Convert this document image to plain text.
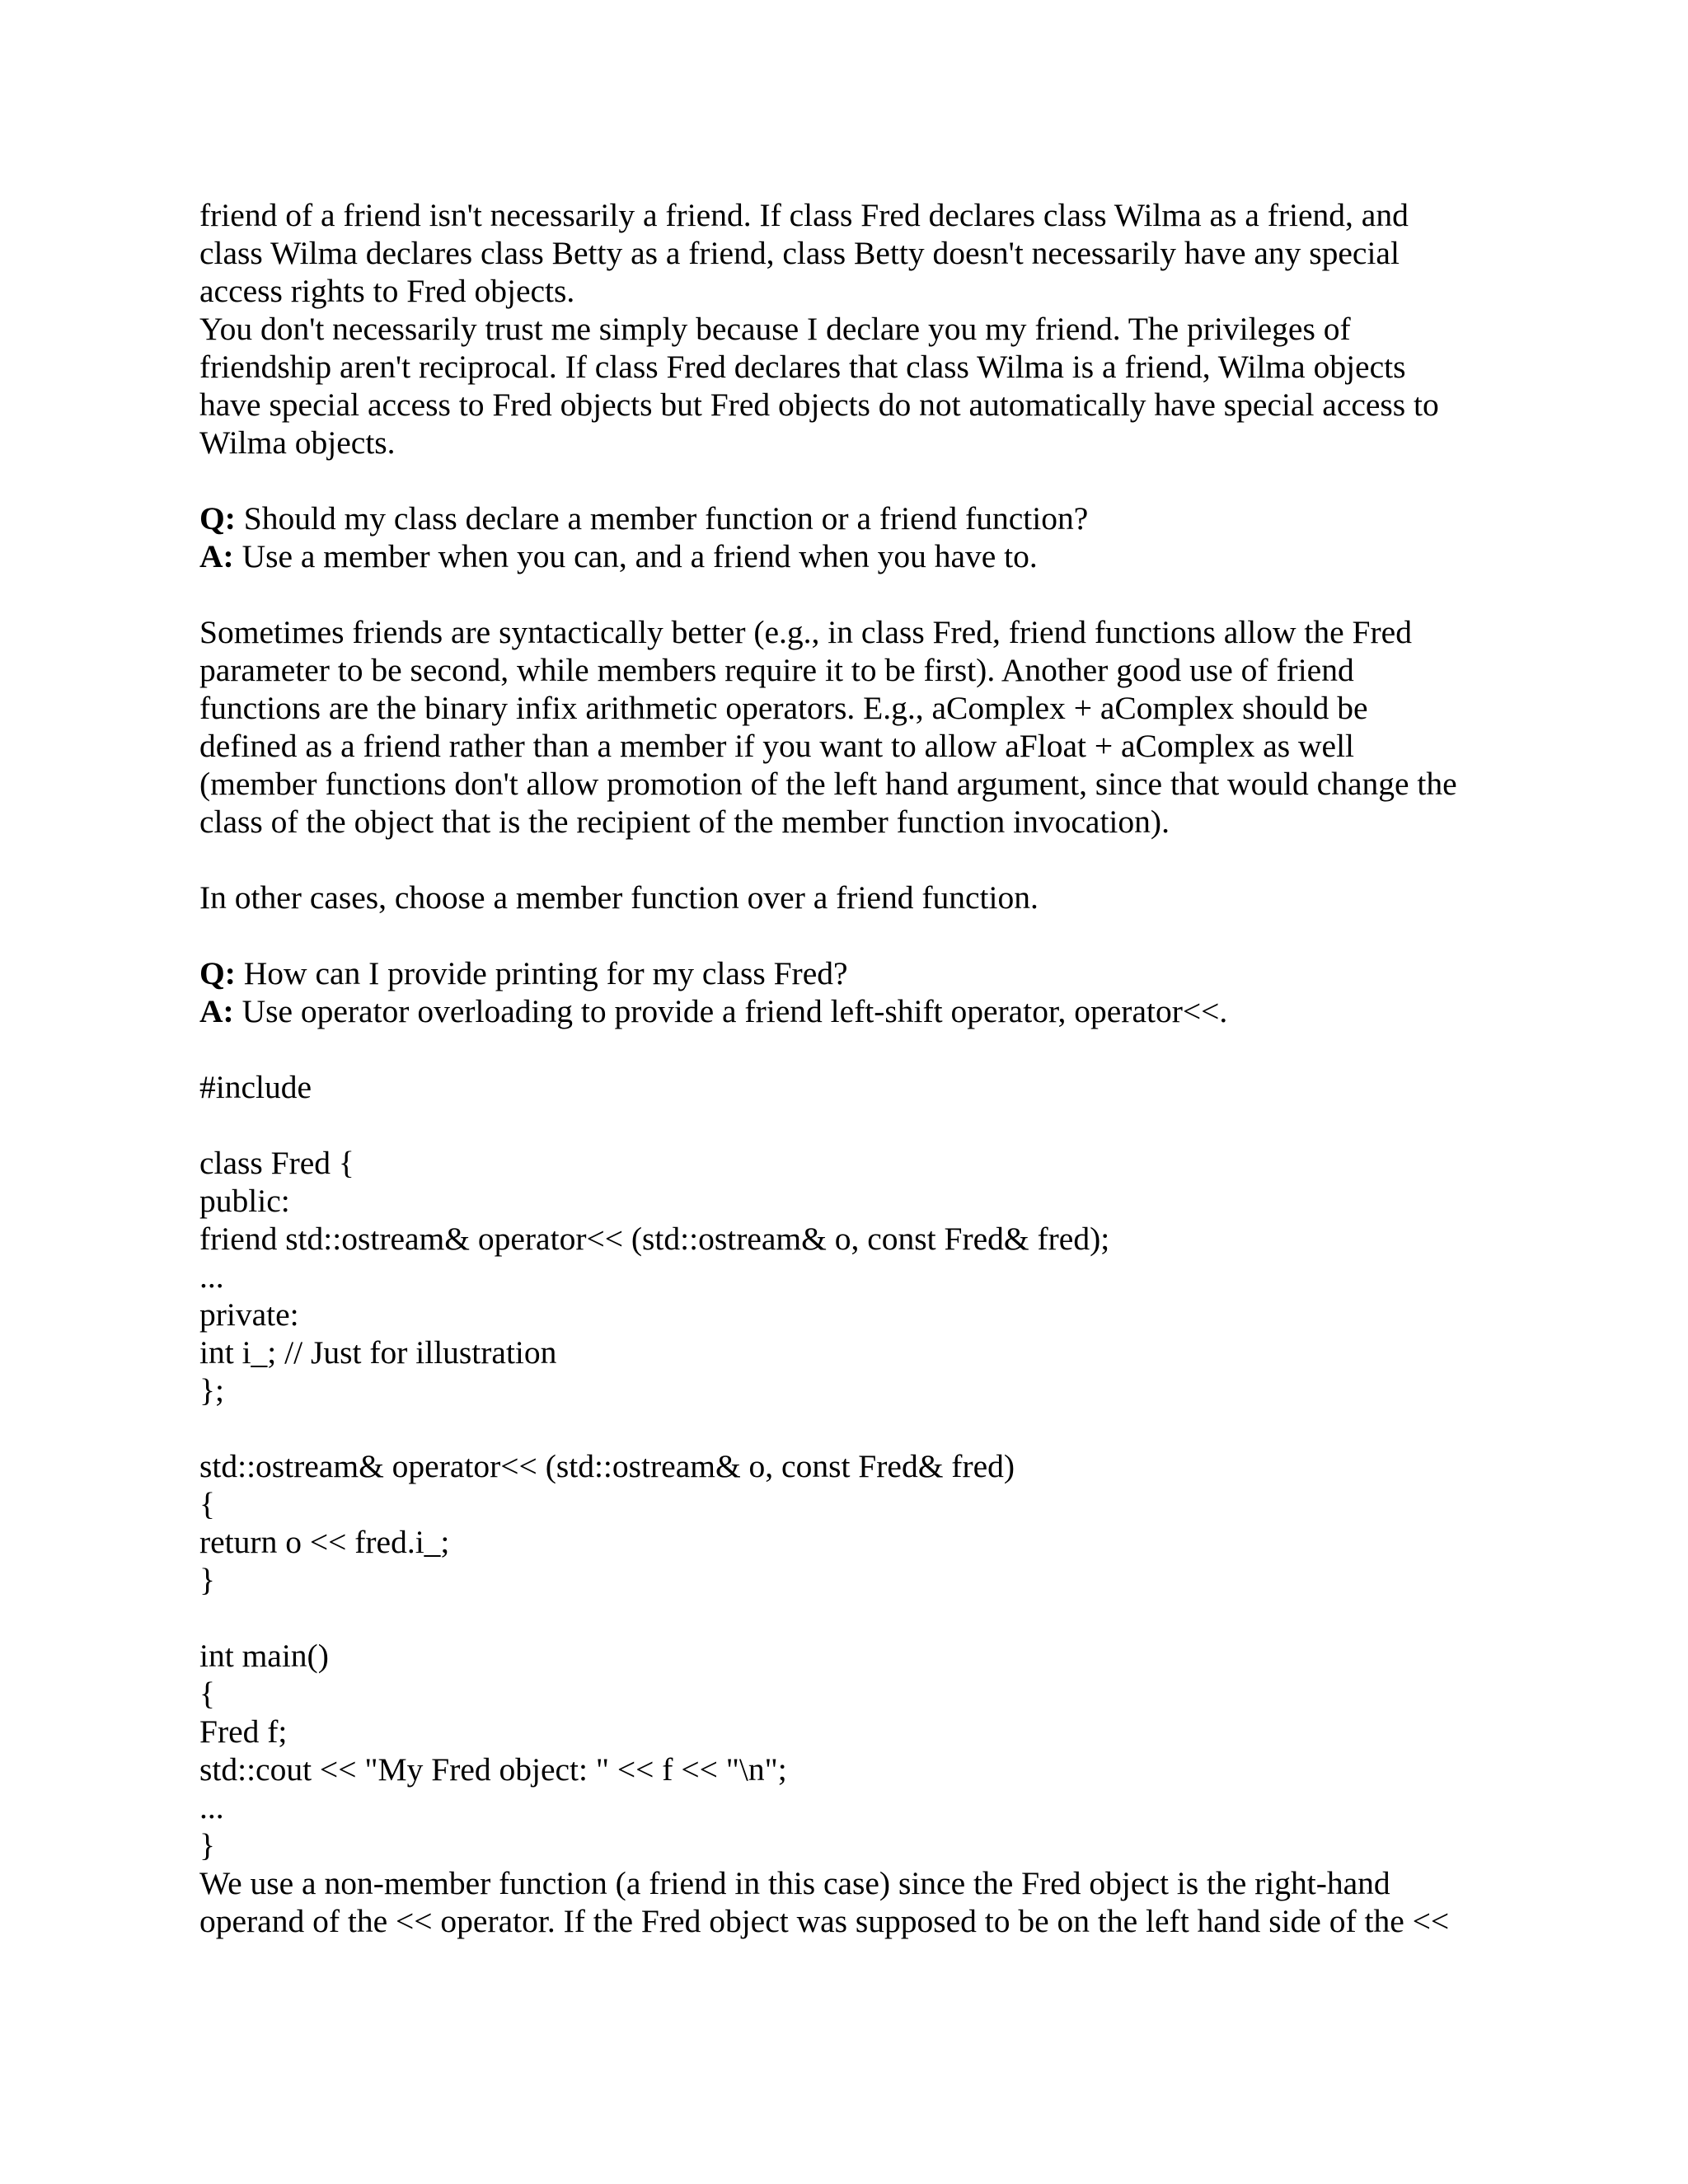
friend of a friend isn't necessarily a friend. If class Fred declares class Wilma as a friend, and
class Wilma declares class Betty as a friend, class Betty doesn't necessarily have any special
access rights to Fred objects.
You don't necessarily trust me simply because I declare you my friend. The privileges of
friendship aren't reciprocal. If class Fred declares that class Wilma is a friend, Wilma objects
have special access to Fred objects but Fred objects do not automatically have special access to
Wilma objects.
Q: Should my class declare a member function or a friend function?
A: Use a member when you can, and a friend when you have to.
Sometimes friends are syntactically better (e.g., in class Fred, friend functions allow the Fred
parameter to be second, while members require it to be first). Another good use of friend
functions are the binary infix arithmetic operators. E.g., aComplex + aComplex should be
defined as a friend rather than a member if you want to allow aFloat + aComplex as well
(member functions don't allow promotion of the left hand argument, since that would change the
class of the object that is the recipient of the member function invocation).
In other cases, choose a member function over a friend function.
Q: How can I provide printing for my class Fred?
A: Use operator overloading to provide a friend left-shift operator, operator<<.
#include
class Fred {
public:
friend std::ostream& operator<< (std::ostream& o, const Fred& fred);
...
private:
int i_; // Just for illustration
};
std::ostream& operator<< (std::ostream& o, const Fred& fred)
{
return o << fred.i_;
}
int main()
{
Fred f;
std::cout << "My Fred object: " << f << "\n";
...
}
We use a non-member function (a friend in this case) since the Fred object is the right-hand
operand of the << operator. If the Fred object was supposed to be on the left hand side of the <<
